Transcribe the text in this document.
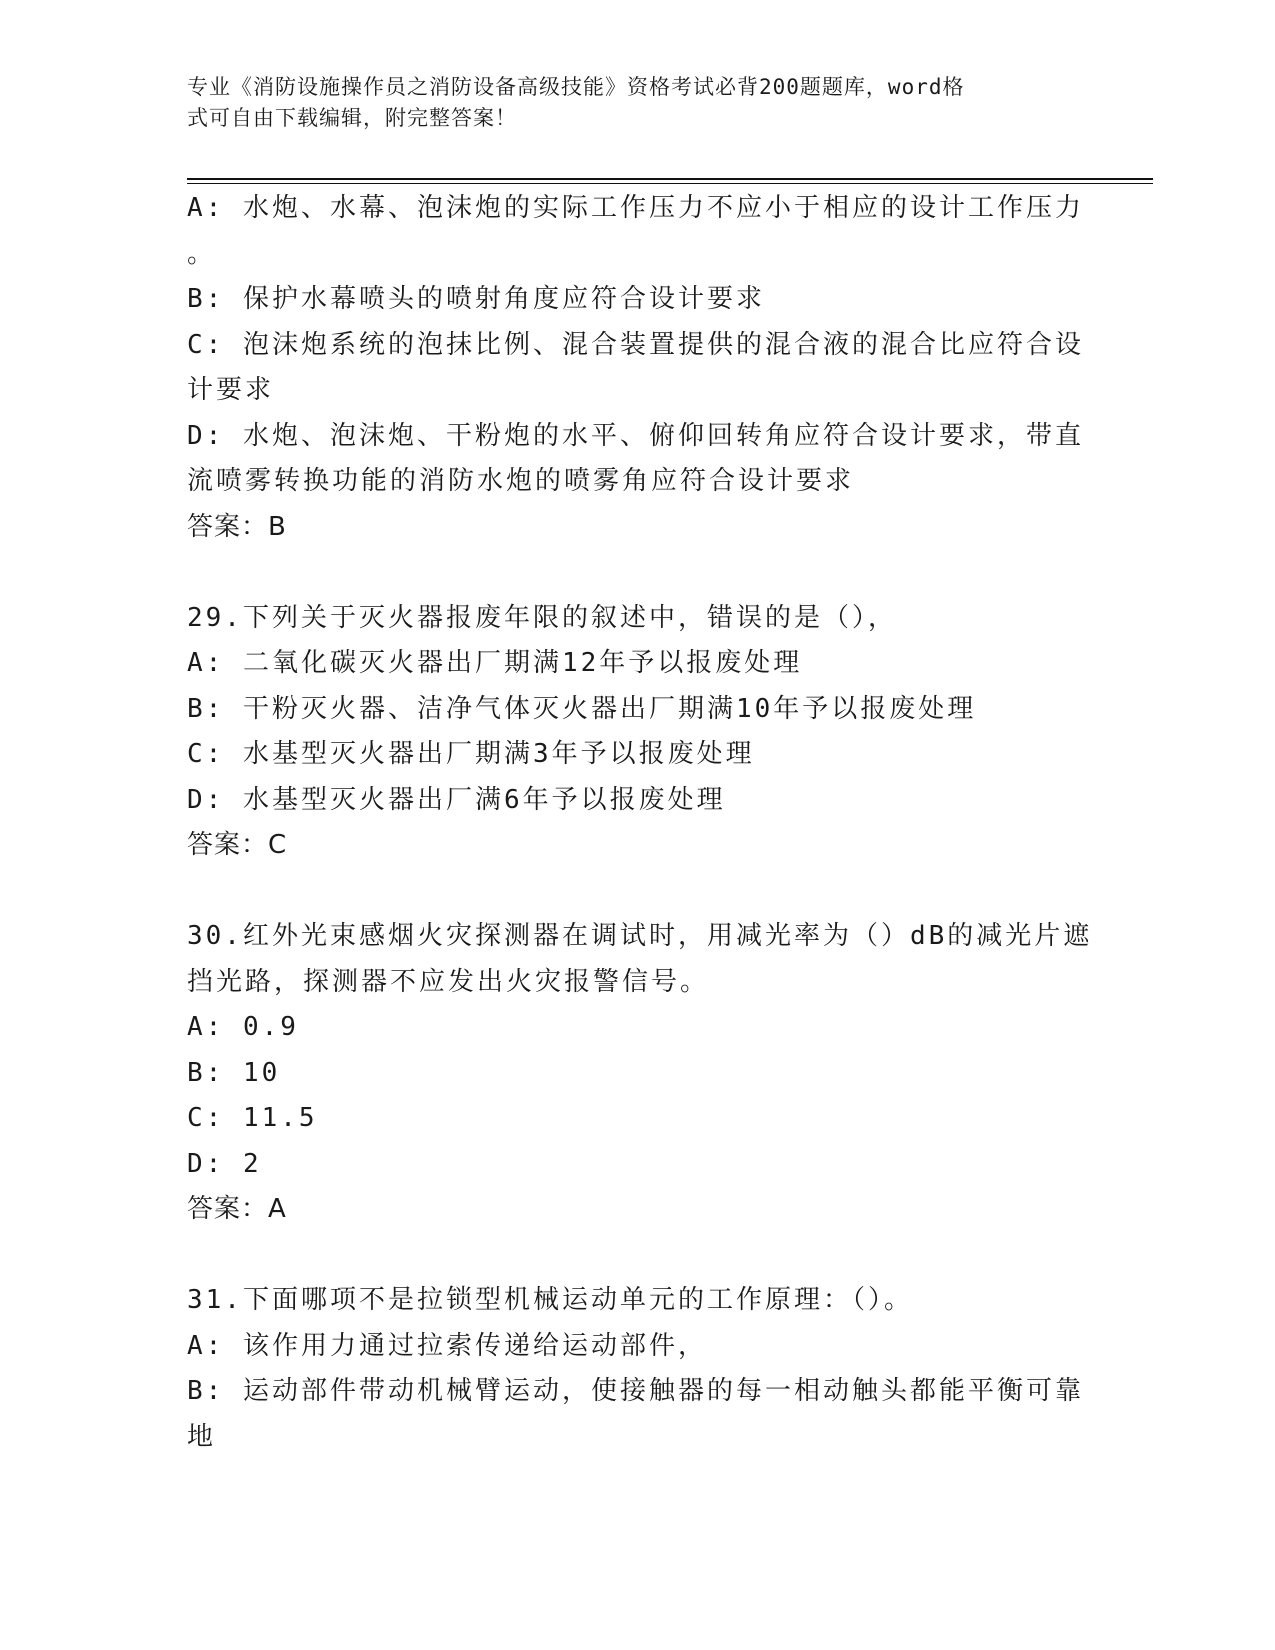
专业《消防设施操作员之消防设备高级技能》资格考试必背200题题库，word格
式可自由下载编辑，附完整答案！
A: 水炮、水幕、泡沫炮的实际工作压力不应小于相应的设计工作压力
。
B: 保护水幕喷头的喷射角度应符合设计要求
C: 泡沫炮系统的泡抹比例、混合装置提供的混合液的混合比应符合设
计要求
D: 水炮、泡沫炮、干粉炮的水平、俯仰回转角应符合设计要求，带直
流喷雾转换功能的消防水炮的喷雾角应符合设计要求
答案：B
29.下列关于灭火器报废年限的叙述中，错误的是（），
A: 二氧化碳灭火器出厂期满12年予以报废处理
B: 干粉灭火器、洁净气体灭火器出厂期满10年予以报废处理
C: 水基型灭火器出厂期满3年予以报废处理
D: 水基型灭火器出厂满6年予以报废处理
答案：C
30.红外光束感烟火灾探测器在调试时，用减光率为（）dB的减光片遮
挡光路，探测器不应发出火灾报警信号。
A: 0.9
B: 10
C: 11.5
D: 2
答案：A
31.下面哪项不是拉锁型机械运动单元的工作原理：（）。
A: 该作用力通过拉索传递给运动部件，
B: 运动部件带动机械臂运动，使接触器的每一相动触头都能平衡可靠
地
